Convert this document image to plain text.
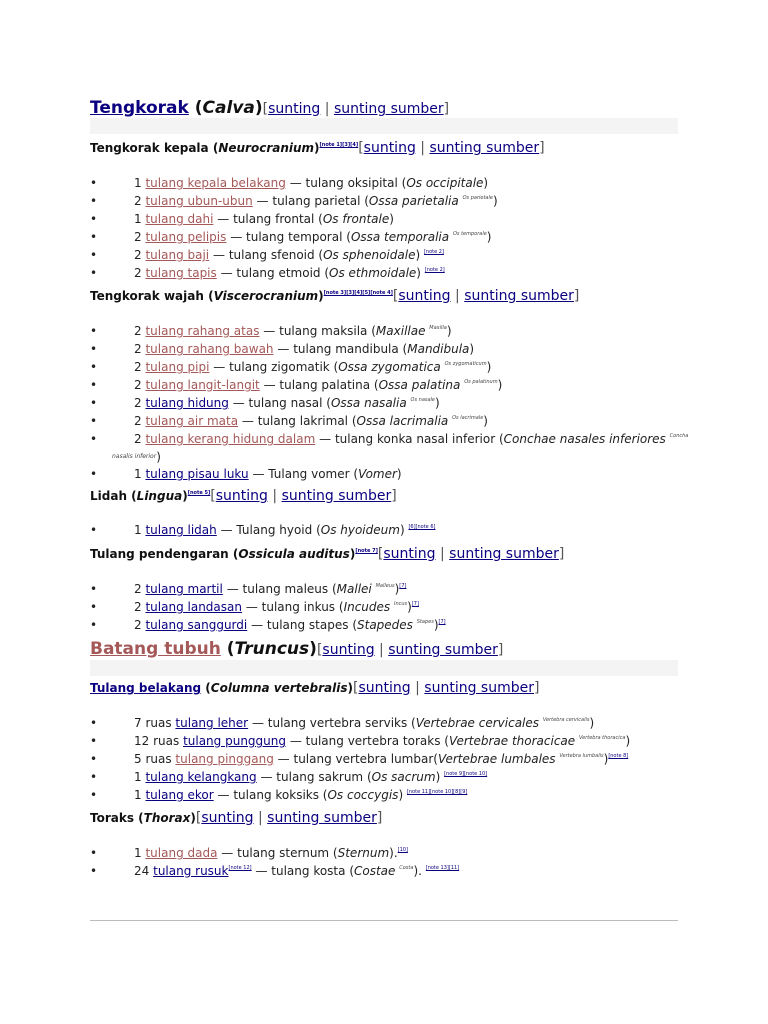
Tengkorak (Calva)[sunting | sunting sumber]
Tengkorak kepala (Neurocranium)[note 1][3][4][sunting | sunting sumber]
•	1 tulang kepala belakang — tulang oksipital (Os occipitale)
•	2 tulang ubun-ubun — tulang parietal (Ossa parietalia $^{Os parietale}$)
•	1 tulang dahi — tulang frontal (Os frontale)
•	2 tulang pelipis — tulang temporal (Ossa temporalia $^{Os temporale}$)
•	2 tulang baji — tulang sfenoid (Os sphenoidale) [note 2]
•	2 tulang tapis — tulang etmoid (Os ethmoidale) [note 2]
Tengkorak wajah (Viscerocranium)[note 3][3][4][5][note 4][sunting | sunting sumber]
•	2 tulang rahang atas — tulang maksila (Maxillae $^{Maxilla}$)
•	2 tulang rahang bawah — tulang mandibula (Mandibula)
•	2 tulang pipi — tulang zigomatik (Ossa zygomatica $^{Os zygomaticum}$)
•	2 tulang langit-langit — tulang palatina (Ossa palatina $^{Os palatinum}$)
•	2 tulang hidung — tulang nasal (Ossa nasalia $^{Os nasale}$)
•	2 tulang air mata — tulang lakrimal (Ossa lacrimalia $^{Os lacrimale}$)
•	2 tulang kerang hidung dalam — tulang konka nasal inferior (Conchae nasales inferiores $^{Concha}$
nasalis inferior)
•	1 tulang pisau luku — Tulang vomer (Vomer)
Lidah (Lingua)[note 5][sunting | sunting sumber]
•	1 tulang lidah — Tulang hyoid (Os hyoideum) [6][note 6]
Tulang pendengaran (Ossicula auditus)[note 7][sunting | sunting sumber]
•	2 tulang martil — tulang maleus (Mallei $^{Malleus}$)[7]
•	2 tulang landasan — tulang inkus (Incudes $^{Incus}$)[7]
•	2 tulang sanggurdi — tulang stapes (Stapedes $^{Stapes}$)[7]
Batang tubuh (Truncus)[sunting | sunting sumber]
Tulang belakang (Columna vertebralis)[sunting | sunting sumber]
•	7 ruas tulang leher — tulang vertebra serviks (Vertebrae cervicales $^{Vertebra cervicalis}$)
•	12 ruas tulang punggung — tulang vertebra toraks (Vertebrae thoracicae $^{Vertebra thoracica}$)
•	5 ruas tulang pinggang — tulang vertebra lumbar(Vertebrae lumbales $^{Vertebra lumbalis}$)[note 8]
•	1 tulang kelangkang — tulang sakrum (Os sacrum) [note 9][note 10]
•	1 tulang ekor — tulang koksiks (Os coccygis) [note 11][note 10][8][9]
Toraks (Thorax)[sunting | sunting sumber]
•	1 tulang dada — tulang sternum (Sternum).[10]
•	24 tulang rusuk[note 12] — tulang kosta (Costae $^{Costa}$). [note 13][11]
